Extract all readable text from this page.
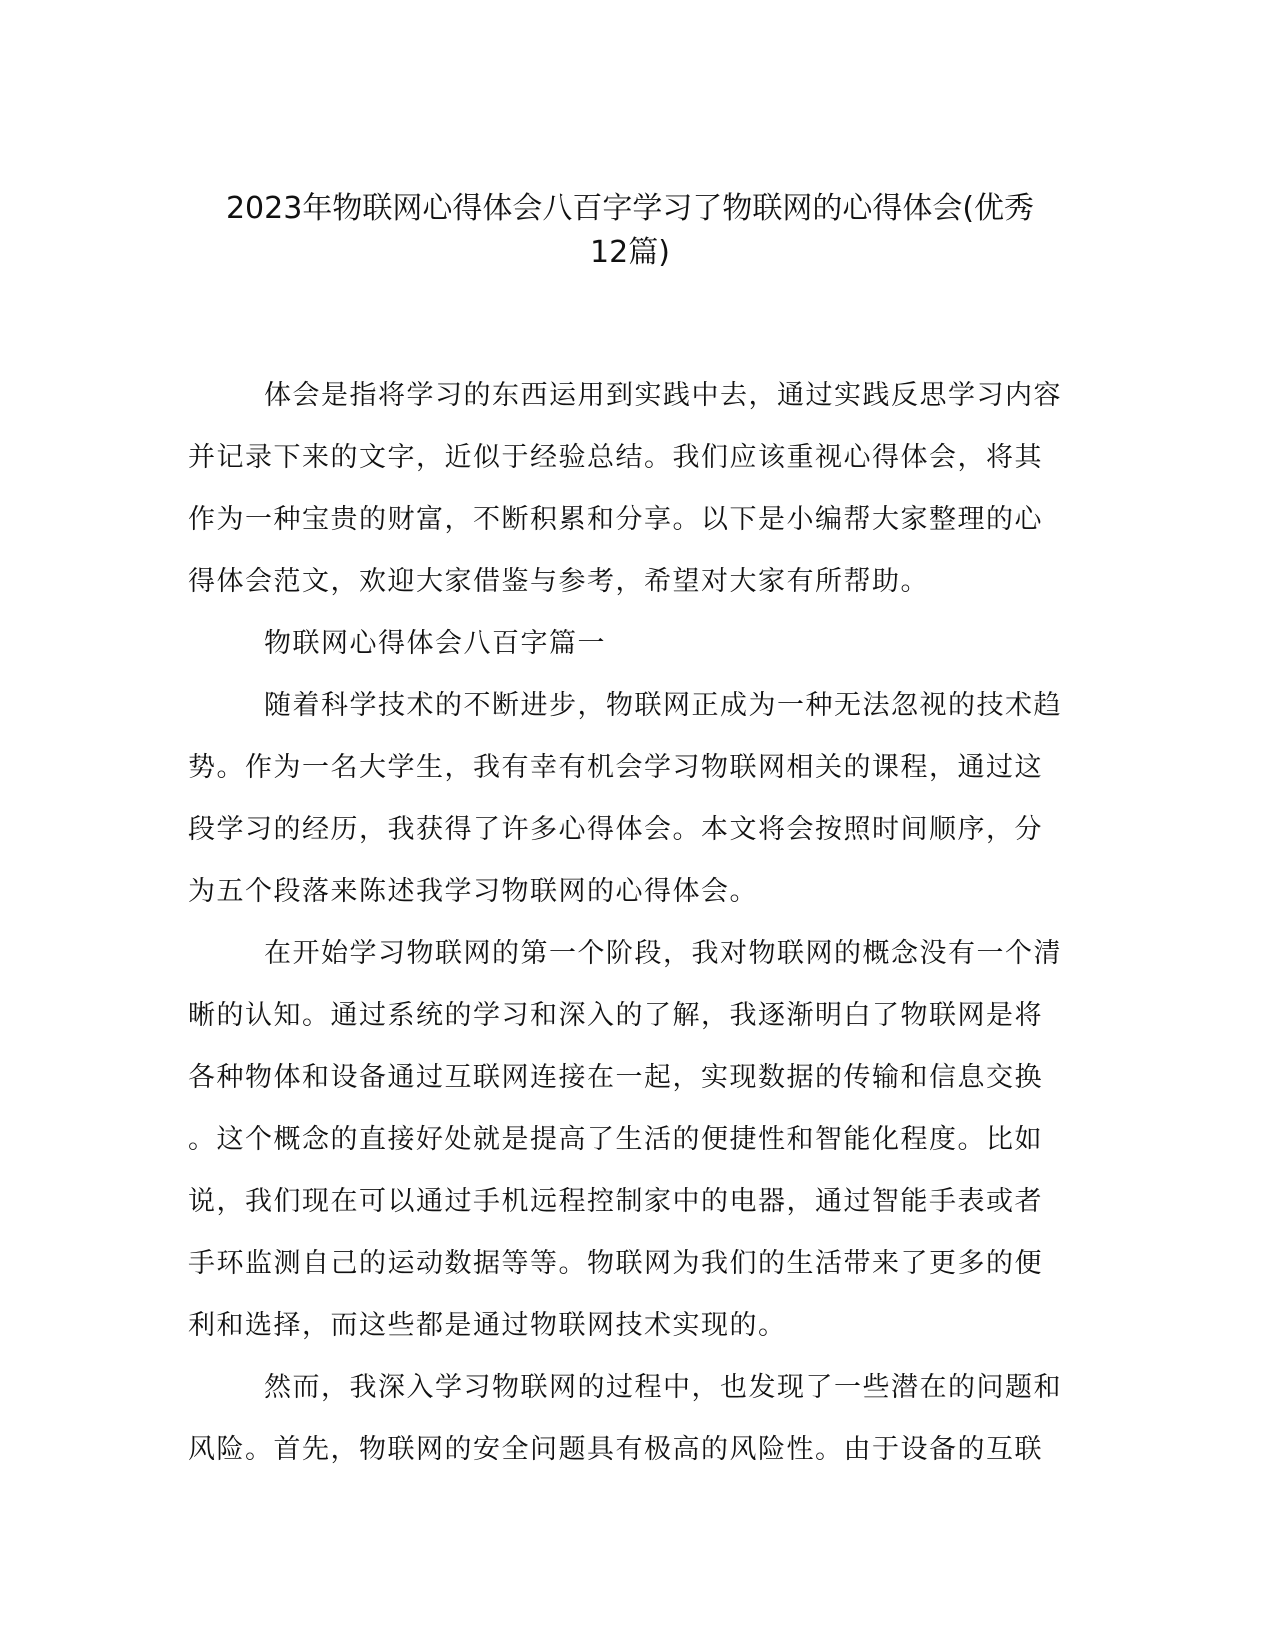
2023年物联网心得体会八百字学习了物联网的心得体会(优秀
12篇)
体会是指将学习的东西运用到实践中去，通过实践反思学习内容
并记录下来的文字，近似于经验总结。我们应该重视心得体会，将其
作为一种宝贵的财富，不断积累和分享。以下是小编帮大家整理的心
得体会范文，欢迎大家借鉴与参考，希望对大家有所帮助。
物联网心得体会八百字篇一
随着科学技术的不断进步，物联网正成为一种无法忽视的技术趋
势。作为一名大学生，我有幸有机会学习物联网相关的课程，通过这
段学习的经历，我获得了许多心得体会。本文将会按照时间顺序，分
为五个段落来陈述我学习物联网的心得体会。
在开始学习物联网的第一个阶段，我对物联网的概念没有一个清
晰的认知。通过系统的学习和深入的了解，我逐渐明白了物联网是将
各种物体和设备通过互联网连接在一起，实现数据的传输和信息交换
。这个概念的直接好处就是提高了生活的便捷性和智能化程度。比如
说，我们现在可以通过手机远程控制家中的电器，通过智能手表或者
手环监测自己的运动数据等等。物联网为我们的生活带来了更多的便
利和选择，而这些都是通过物联网技术实现的。
然而，我深入学习物联网的过程中，也发现了一些潜在的问题和
风险。首先，物联网的安全问题具有极高的风险性。由于设备的互联
